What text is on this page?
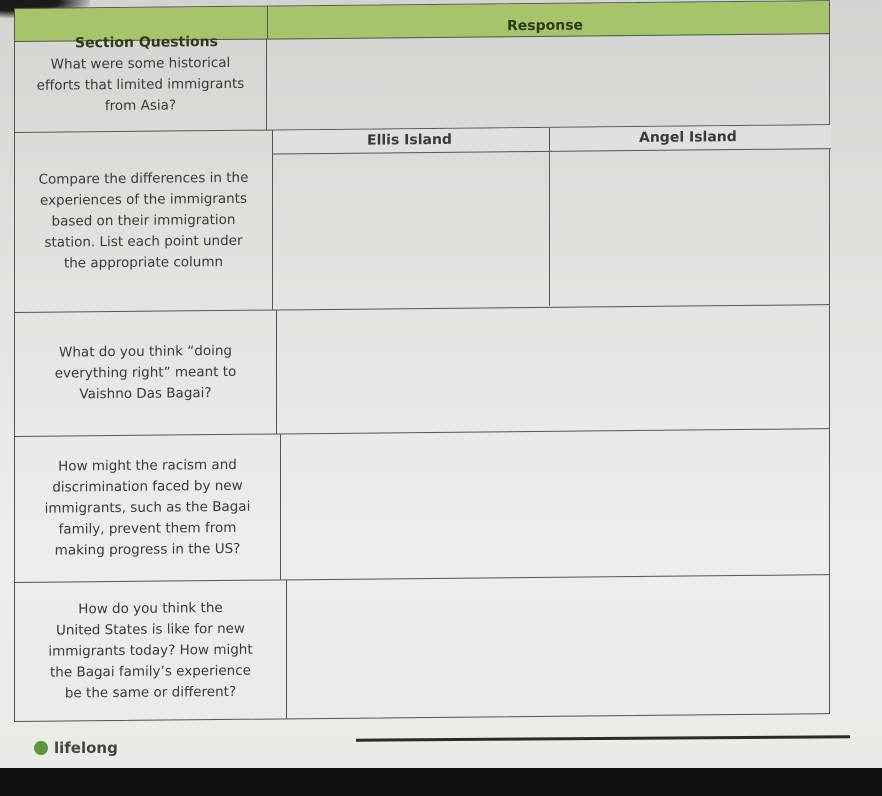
Section Questions
Response
What were some historical
efforts that limited immigrants
from Asia?
Compare the differences in the
experiences of the immigrants
based on their immigration
station. List each point under
the appropriate column
Ellis Island	Angel Island
What do you think “doing
everything right” meant to
Vaishno Das Bagai?
How might the racism and
discrimination faced by new
immigrants, such as the Bagai
family, prevent them from
making progress in the US?
How do you think the
United States is like for new
immigrants today? How might
the Bagai family’s experience
be the same or different?
lifelong
